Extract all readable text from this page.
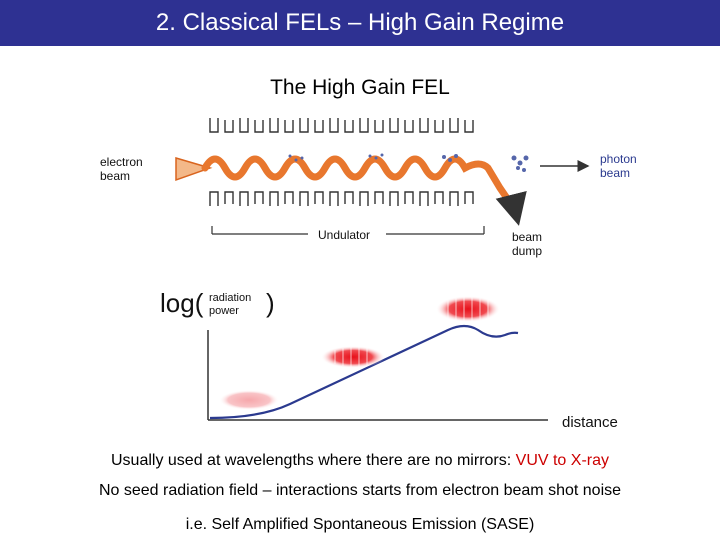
2. Classical FELs – High Gain Regime
The High Gain FEL
electron beam
Undulator
photon beam
beam dump
log( radiation
power )
distance
Usually used at wavelengths where there are no mirrors: VUV to X-ray
No seed radiation field – interactions starts from electron beam shot noise
i.e. Self Amplified Spontaneous Emission (SASE)
